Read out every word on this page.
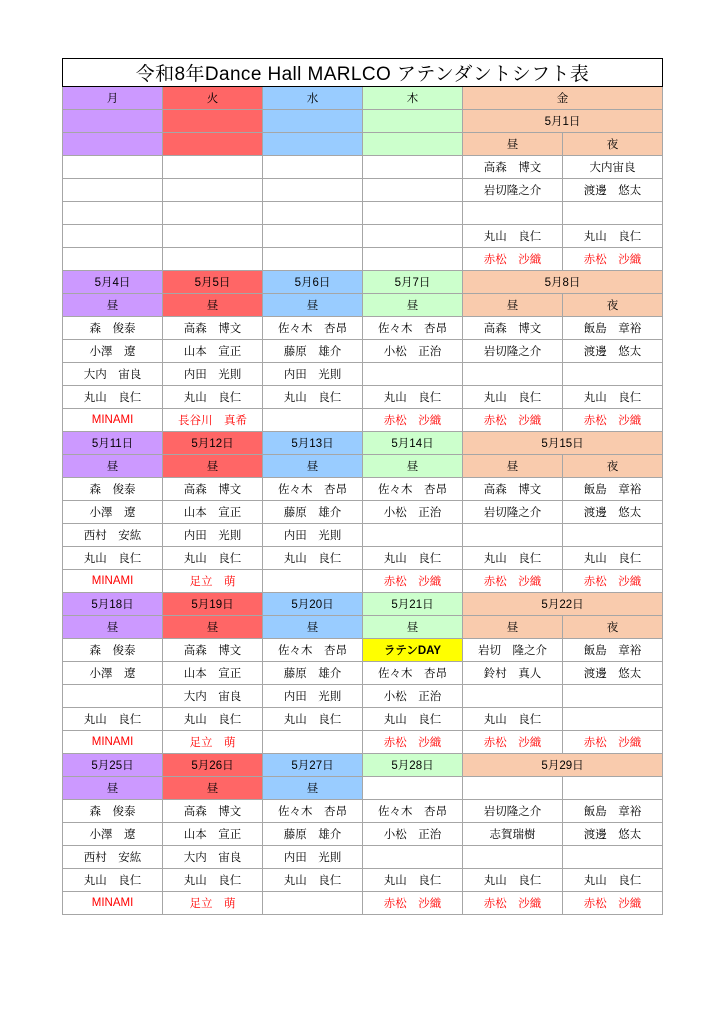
令和8年Dance Hall MARLCO アテンダントシフト表					
月	火	水	木	金	
				5月1日	
				昼	夜
				高森　博文	大内宙良
				岩切隆之介	渡邊　悠太

				丸山　良仁	丸山　良仁
				赤松　沙織	赤松　沙織
5月4日	5月5日	5月6日	5月7日	5月8日	
昼	昼	昼	昼	昼	夜
森　俊泰	高森　博文	佐々木　杏昂	佐々木　杏昂	高森　博文	飯島　章裕
小澤　遼	山本　宣正	藤原　雄介	小松　正治	岩切隆之介	渡邊　悠太
大内　宙良	内田　光則	内田　光則			
丸山　良仁	丸山　良仁	丸山　良仁	丸山　良仁	丸山　良仁	丸山　良仁
MINAMI	長谷川　真希		赤松　沙織	赤松　沙織	赤松　沙織
5月11日	5月12日	5月13日	5月14日	5月15日	
昼	昼	昼	昼	昼	夜
森　俊泰	高森　博文	佐々木　杏昂	佐々木　杏昂	高森　博文	飯島　章裕
小澤　遼	山本　宣正	藤原　雄介	小松　正治	岩切隆之介	渡邊　悠太
西村　安紘	内田　光則	内田　光則			
丸山　良仁	丸山　良仁	丸山　良仁	丸山　良仁	丸山　良仁	丸山　良仁
MINAMI	足立　萌		赤松　沙織	赤松　沙織	赤松　沙織
5月18日	5月19日	5月20日	5月21日	5月22日	
昼	昼	昼	昼	昼	夜
森　俊泰	高森　博文	佐々木　杏昂	ラテンDAY	岩切　隆之介	飯島　章裕
小澤　遼	山本　宣正	藤原　雄介	佐々木　杏昂	鈴村　真人	渡邊　悠太
	大内　宙良	内田　光則	小松　正治		
丸山　良仁	丸山　良仁	丸山　良仁	丸山　良仁	丸山　良仁	
MINAMI	足立　萌		赤松　沙織	赤松　沙織	赤松　沙織
5月25日	5月26日	5月27日	5月28日	5月29日	
昼	昼	昼			
森　俊泰	高森　博文	佐々木　杏昂	佐々木　杏昂	岩切隆之介	飯島　章裕
小澤　遼	山本　宣正	藤原　雄介	小松　正治	志賀瑞樹	渡邊　悠太
西村　安紘	大内　宙良	内田　光則			
丸山　良仁	丸山　良仁	丸山　良仁	丸山　良仁	丸山　良仁	丸山　良仁
MINAMI	足立　萌		赤松　沙織	赤松　沙織	赤松　沙織
